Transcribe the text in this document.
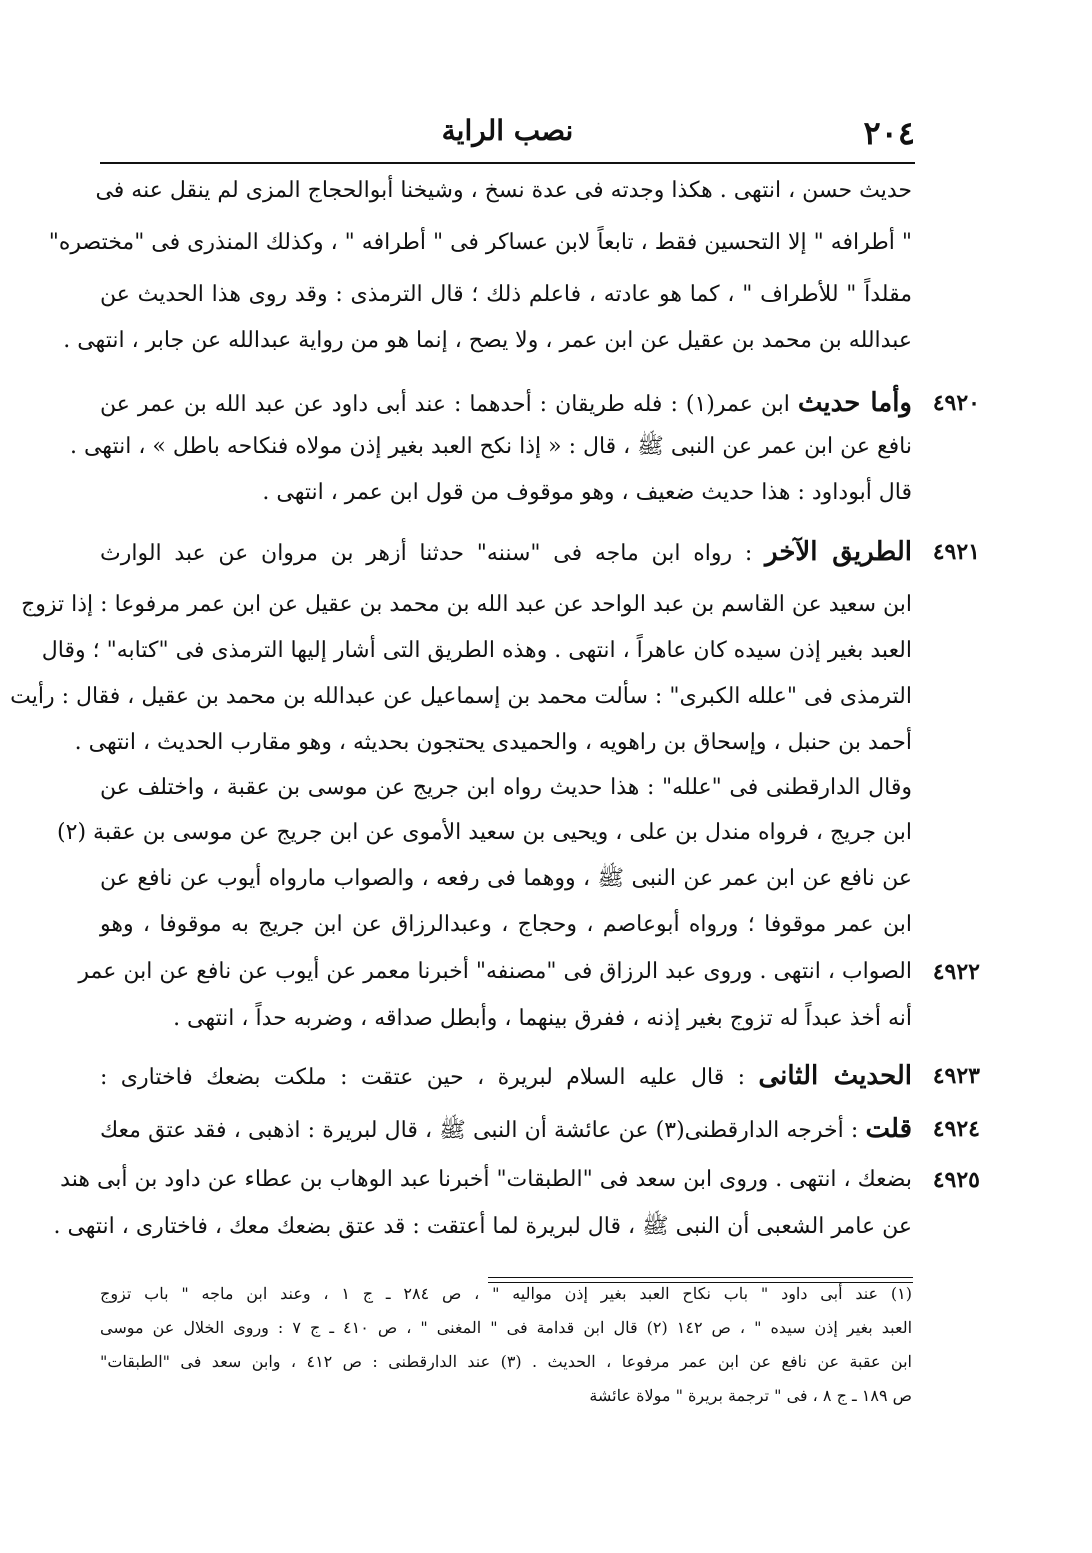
٢٠٤
نصب الراية
حديث حسن ، انتهى . هكذا وجدته فى عدة نسخ ، وشيخنا أبوالحجاج المزى لم ينقل عنه فى
" أطرافه " إلا التحسين فقط ، تابعاً لابن عساكر فى " أطرافه " ، وكذلك المنذرى فى "مختصره"
مقلداً " للأطراف " ، كما هو عادته ، فاعلم ذلك ؛ قال الترمذى : وقد روى هذا الحديث عن
عبدالله بن محمد بن عقيل عن ابن عمر ، ولا يصح ، إنما هو من رواية عبدالله عن جابر ، انتهى .
وأما حديث ابن عمر(١) : فله طريقان : أحدهما : عند أبى داود عن عبد الله بن عمر عن	٤٩٢٠
نافع عن ابن عمر عن النبى ﷺ ، قال : « إذا نكح العبد بغير إذن مولاه فنكاحه باطل » ، انتهى .
قال أبوداود : هذا حديث ضعيف ، وهو موقوف من قول ابن عمر ، انتهى .
الطريق الآخر : رواه ابن ماجه فى "سننه" حدثنا أزهر بن مروان عن عبد الوارث	٤٩٢١
ابن سعيد عن القاسم بن عبد الواحد عن عبد الله بن محمد بن عقيل عن ابن عمر مرفوعا : إذا تزوج
العبد بغير إذن سيده كان عاهراً ، انتهى . وهذه الطريق التى أشار إليها الترمذى فى "كتابه" ؛ وقال
الترمذى فى "علله الكبرى" : سألت محمد بن إسماعيل عن عبدالله بن محمد بن عقيل ، فقال : رأيت
أحمد بن حنبل ، وإسحاق بن راهويه ، والحميدى يحتجون بحديثه ، وهو مقارب الحديث ، انتهى .
وقال الدارقطنى فى "علله" : هذا حديث رواه ابن جريج عن موسى بن عقبة ، واختلف عن
ابن جريج ، فرواه مندل بن على ، ويحيى بن سعيد الأموى عن ابن جريج عن موسى بن عقبة (٢)
عن نافع عن ابن عمر عن النبى ﷺ ، ووهما فى رفعه ، والصواب مارواه أيوب عن نافع عن
ابن عمر موقوفا ؛ ورواه أبوعاصم ، وحجاج ، وعبدالرزاق عن ابن جريج به موقوفا ، وهو
الصواب ، انتهى . وروى عبد الرزاق فى "مصنفه" أخبرنا معمر عن أيوب عن نافع عن ابن عمر ٤٩٢٢
أنه أخذ عبداً له تزوج بغير إذنه ، ففرق بينهما ، وأبطل صداقه ، وضربه حداً ، انتهى .
الحديث الثانى : قال عليه السلام لبريرة ، حين عتقت : ملكت بضعك فاختارى :	٤٩٢٣
قلت : أخرجه الدارقطنى(٣) عن عائشة أن النبى ﷺ ، قال لبريرة : اذهبى ، فقد عتق معك	٤٩٢٤
بضعك ، انتهى . وروى ابن سعد فى "الطبقات" أخبرنا عبد الوهاب بن عطاء عن داود بن أبى هند ٤٩٢٥
عن عامر الشعبى أن النبى ﷺ ، قال لبريرة لما أعتقت : قد عتق بضعك معك ، فاختارى ، انتهى .
(١) عند أبى داود " باب نكاح العبد بغير إذن مواليه " ، ص ٢٨٤ ـ ج ١ ، وعند ابن ماجه " باب تزوج
العبد بغير إذن سيده " ، ص ١٤٢ (٢) قال ابن قدامة فى " المغنى " ، ص ٤١٠ ـ ج ٧ : وروى الخلال عن موسى
ابن عقبة عن نافع عن ابن عمر مرفوعا ، الحديث . (٣) عند الدارقطنى : ص ٤١٢ ، وابن سعد فى "الطبقات"
ص ١٨٩ ـ ج ٨ ، فى " ترجمة بريرة " مولاة عائشة
